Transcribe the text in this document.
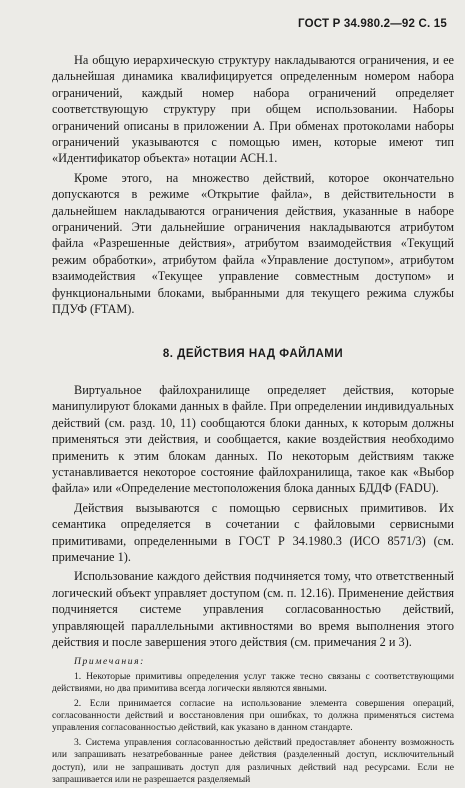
ГОСТ Р 34.980.2—92 С. 15

На общую иерархическую структуру накладываются ограничения, и ее дальнейшая динамика квалифицируется определенным номером набора ограничений, каждый номер набора ограничений определяет соответствующую структуру при общем использовании. Наборы ограничений описаны в приложении А. При обменах протоколами наборы ограничений указываются с помощью имен, которые имеют тип «Идентификатор объекта» нотации АСН.1.

Кроме этого, на множество действий, которое окончательно допускаются в режиме «Открытие файла», в действительности в дальнейшем накладываются ограничения действия, указанные в наборе ограничений. Эти дальнейшие ограничения накладываются атрибутом файла «Разрешенные действия», атрибутом взаимодействия «Текущий режим обработки», атрибутом файла «Управление доступом», атрибутом взаимодействия «Текущее управление совместным доступом» и функциональными блоками, выбранными для текущего режима службы ПДУФ (FTAM).

8. ДЕЙСТВИЯ НАД ФАЙЛАМИ

Виртуальное файлохранилище определяет действия, которые манипулируют блоками данных в файле. При определении индивидуальных действий (см. разд. 10, 11) сообщаются блоки данных, к которым должны применяться эти действия, и сообщается, какие воздействия необходимо применить к этим блокам данных. По некоторым действиям также устанавливается некоторое состояние файлохранилища, такое как «Выбор файла» или «Определение местоположения блока данных БДДФ (FADU).

Действия вызываются с помощью сервисных примитивов. Их семантика определяется в сочетании с файловыми сервисными примитивами, определенными в ГОСТ Р 34.1980.3 (ИСО 8571/3) (см. примечание 1).

Использование каждого действия подчиняется тому, что ответственный логический объект управляет доступом (см. п. 12.16). Применение действия подчиняется системе управления согласованностью действий, управляющей параллельными активностями во время выполнения этого действия и после завершения этого действия (см. примечания 2 и 3).

Примечания:

1. Некоторые примитивы определения услуг также тесно связаны с соответствующими действиями, но два примитива всегда логически являются явными.

2. Если принимается согласие на использование элемента совершения операций, согласованности действий и восстановления при ошибках, то должна применяться система управления согласованностью действий, как указано в данном стандарте.

3. Система управления согласованностью действий предоставляет абоненту возможность или запрашивать незатребованные ранее действия (разделенный доступ, исключительный доступ), или не запрашивать доступ для различных действий над ресурсами. Если не запрашивается или не разрешается разделяемый
